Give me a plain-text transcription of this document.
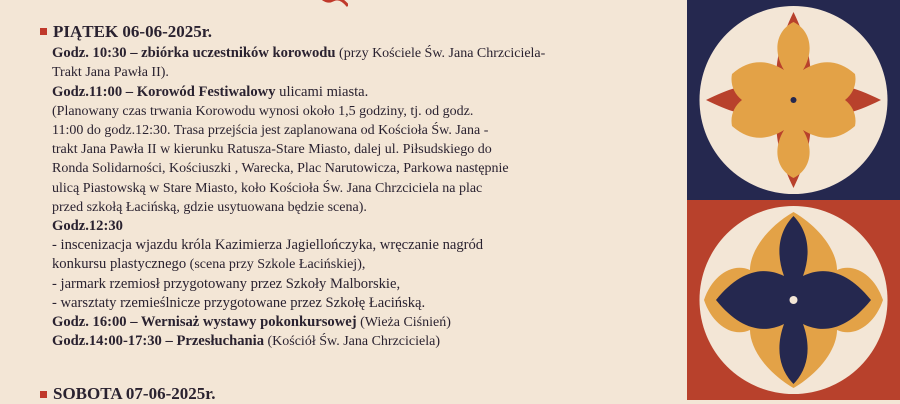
PIĄTEK 06-06-2025r.
Godz. 10:30 – zbiórka uczestników korowodu (przy Kościele Św. Jana Chrzciciela-
Trakt Jana Pawła II).
Godz.11:00 – Korowód Festiwalowy ulicami miasta.
(Planowany czas trwania Korowodu wynosi około 1,5 godziny, tj. od godz.
11:00 do godz.12:30. Trasa przejścia jest zaplanowana od Kościoła Św. Jana -
trakt Jana Pawła II w kierunku Ratusza-Stare Miasto, dalej ul. Piłsudskiego do
Ronda Solidarności, Kościuszki , Warecka, Plac Narutowicza, Parkowa następnie
ulicą Piastowską w Stare Miasto, koło Kościoła Św. Jana Chrzciciela na plac
przed szkołą Łacińską, gdzie usytuowana będzie scena).
Godz.12:30
- inscenizacja wjazdu króla Kazimierza Jagiellończyka, wręczanie nagród
konkursu plastycznego (scena przy Szkole Łacińskiej),
- jarmark rzemiosł przygotowany przez Szkoły Malborskie,
- warsztaty rzemieślnicze przygotowane przez Szkołę Łacińską.
Godz. 16:00 – Wernisaż wystawy pokonkursowej (Wieża Ciśnień)
Godz.14:00-17:30 – Przesłuchania (Kościół Św. Jana Chrzciciela)
SOBOTA 07-06-2025r.
